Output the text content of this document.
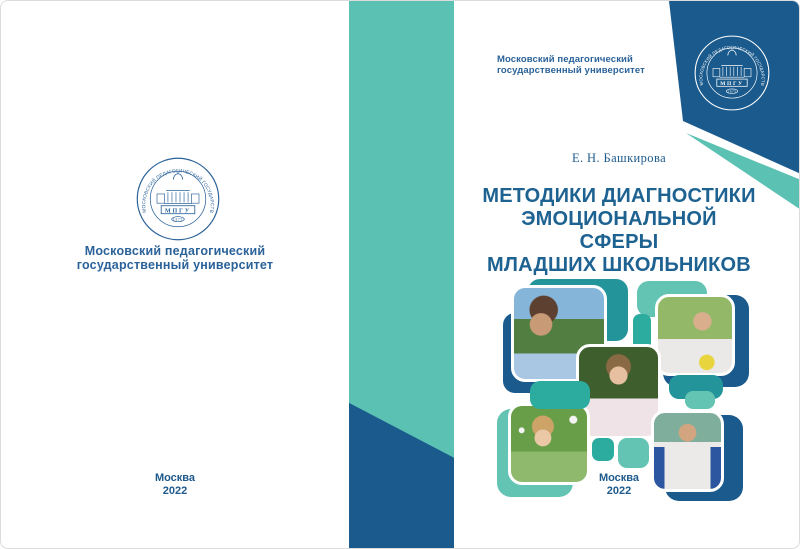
Московский педагогический
государственный университет
Москва
2022
Московский педагогический
государственный университет
Е. Н. Башкирова
МЕТОДИКИ ДИАГНОСТИКИ
ЭМОЦИОНАЛЬНОЙ СФЕРЫ
МЛАДШИХ ШКОЛЬНИКОВ
Москва
2022
